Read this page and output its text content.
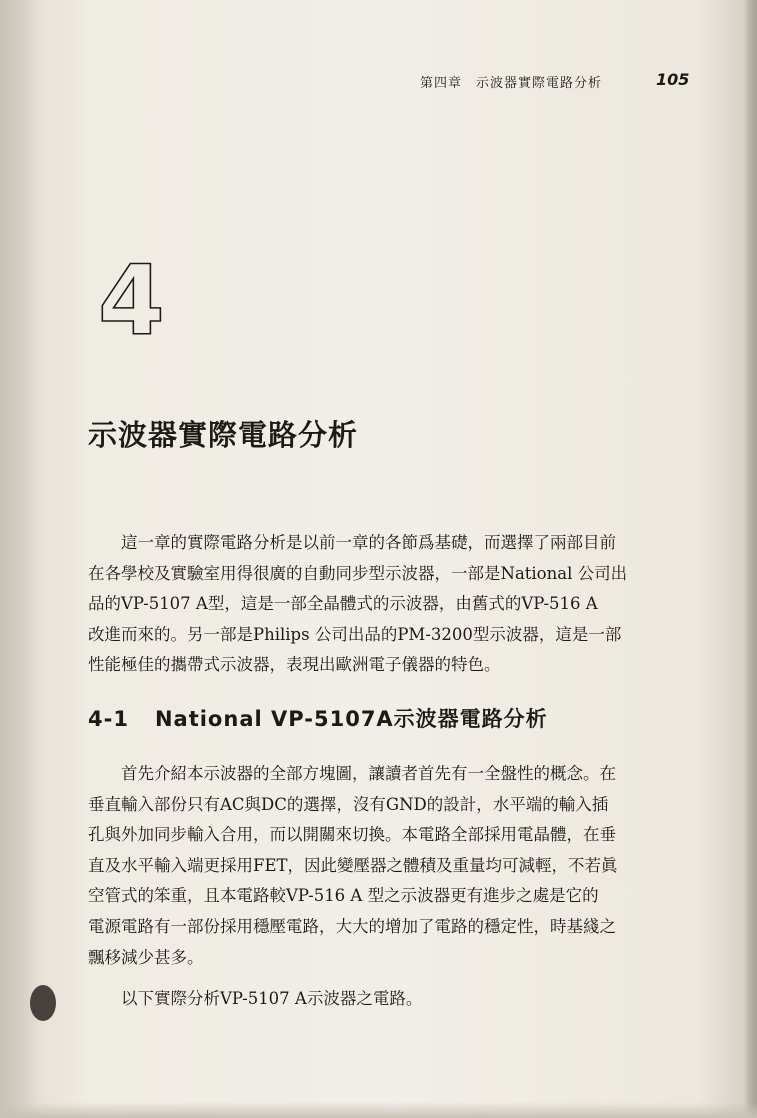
第四章　示波器實際電路分析	105
4
示波器實際電路分析
這一章的實際電路分析是以前一章的各節爲基礎，而選擇了兩部目前
在各學校及實驗室用得很廣的自動同步型示波器，一部是National 公司出
品的VP-5107 A型，這是一部全晶體式的示波器，由舊式的VP-516 A
改進而來的。另一部是Philips 公司出品的PM-3200型示波器，這是一部
性能極佳的攜帶式示波器，表現出歐洲電子儀器的特色。
4-1 National VP-5107A示波器電路分析
首先介紹本示波器的全部方塊圖，讓讀者首先有一全盤性的概念。在
垂直輸入部份只有AC與DC的選擇，沒有GND的設計，水平端的輸入插
孔與外加同步輸入合用，而以開關來切換。本電路全部採用電晶體，在垂
直及水平輸入端更採用FET，因此變壓器之體積及重量均可減輕，不若眞
空管式的笨重，且本電路較VP-516 A 型之示波器更有進步之處是它的
電源電路有一部份採用穩壓電路，大大的增加了電路的穩定性，時基綫之
飄移減少甚多。
以下實際分析VP-5107 A示波器之電路。
